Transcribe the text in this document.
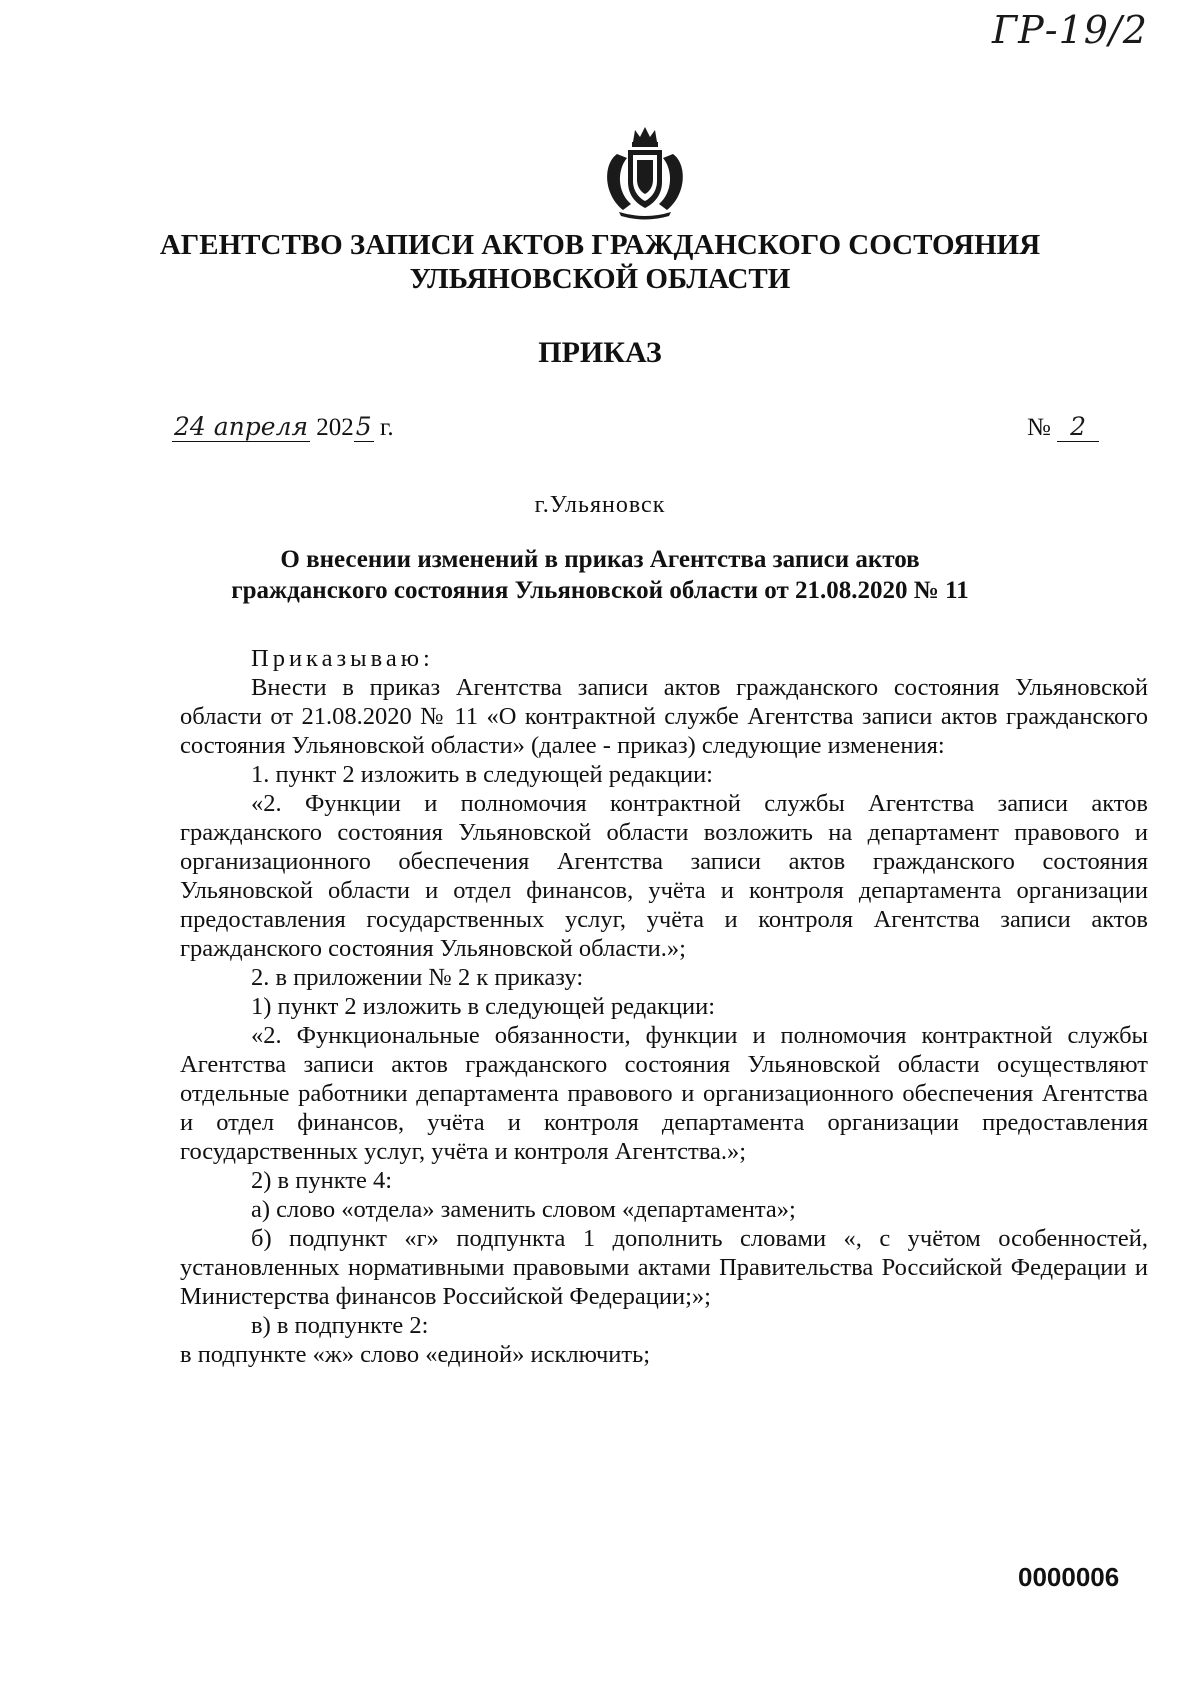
ГР-19/2
АГЕНТСТВО ЗАПИСИ АКТОВ ГРАЖДАНСКОГО СОСТОЯНИЯ
УЛЬЯНОВСКОЙ ОБЛАСТИ
ПРИКАЗ
24 апреля 2025 г.	№ 2
г.Ульяновск
О внесении изменений в приказ Агентства записи актов
гражданского состояния Ульяновской области от 21.08.2020 № 11

Приказываю:

Внести в приказ Агентства записи актов гражданского состояния Ульяновской области от 21.08.2020 № 11 «О контрактной службе Агентства записи актов гражданского состояния Ульяновской области» (далее - приказ) следующие изменения:

1. пункт 2 изложить в следующей редакции:

«2. Функции и полномочия контрактной службы Агентства записи актов гражданского состояния Ульяновской области возложить на департамент правового и организационного обеспечения Агентства записи актов гражданского состояния Ульяновской области и отдел финансов, учёта и контроля департамента организации предоставления государственных услуг, учёта и контроля Агентства записи актов гражданского состояния Ульяновской области.»;

2. в приложении № 2 к приказу:

1) пункт 2 изложить в следующей редакции:

«2. Функциональные обязанности, функции и полномочия контрактной службы Агентства записи актов гражданского состояния Ульяновской области осуществляют отдельные работники департамента правового и организационного обеспечения Агентства и отдел финансов, учёта и контроля департамента организации предоставления государственных услуг, учёта и контроля Агентства.»;

2) в пункте 4:

а) слово «отдела» заменить словом «департамента»;

б) подпункт «г» подпункта 1 дополнить словами «, с учётом особенностей, установленных нормативными правовыми актами Правительства Российской Федерации и Министерства финансов Российской Федерации;»;

в) в подпункте 2:

в подпункте «ж» слово «единой» исключить;

0000006
